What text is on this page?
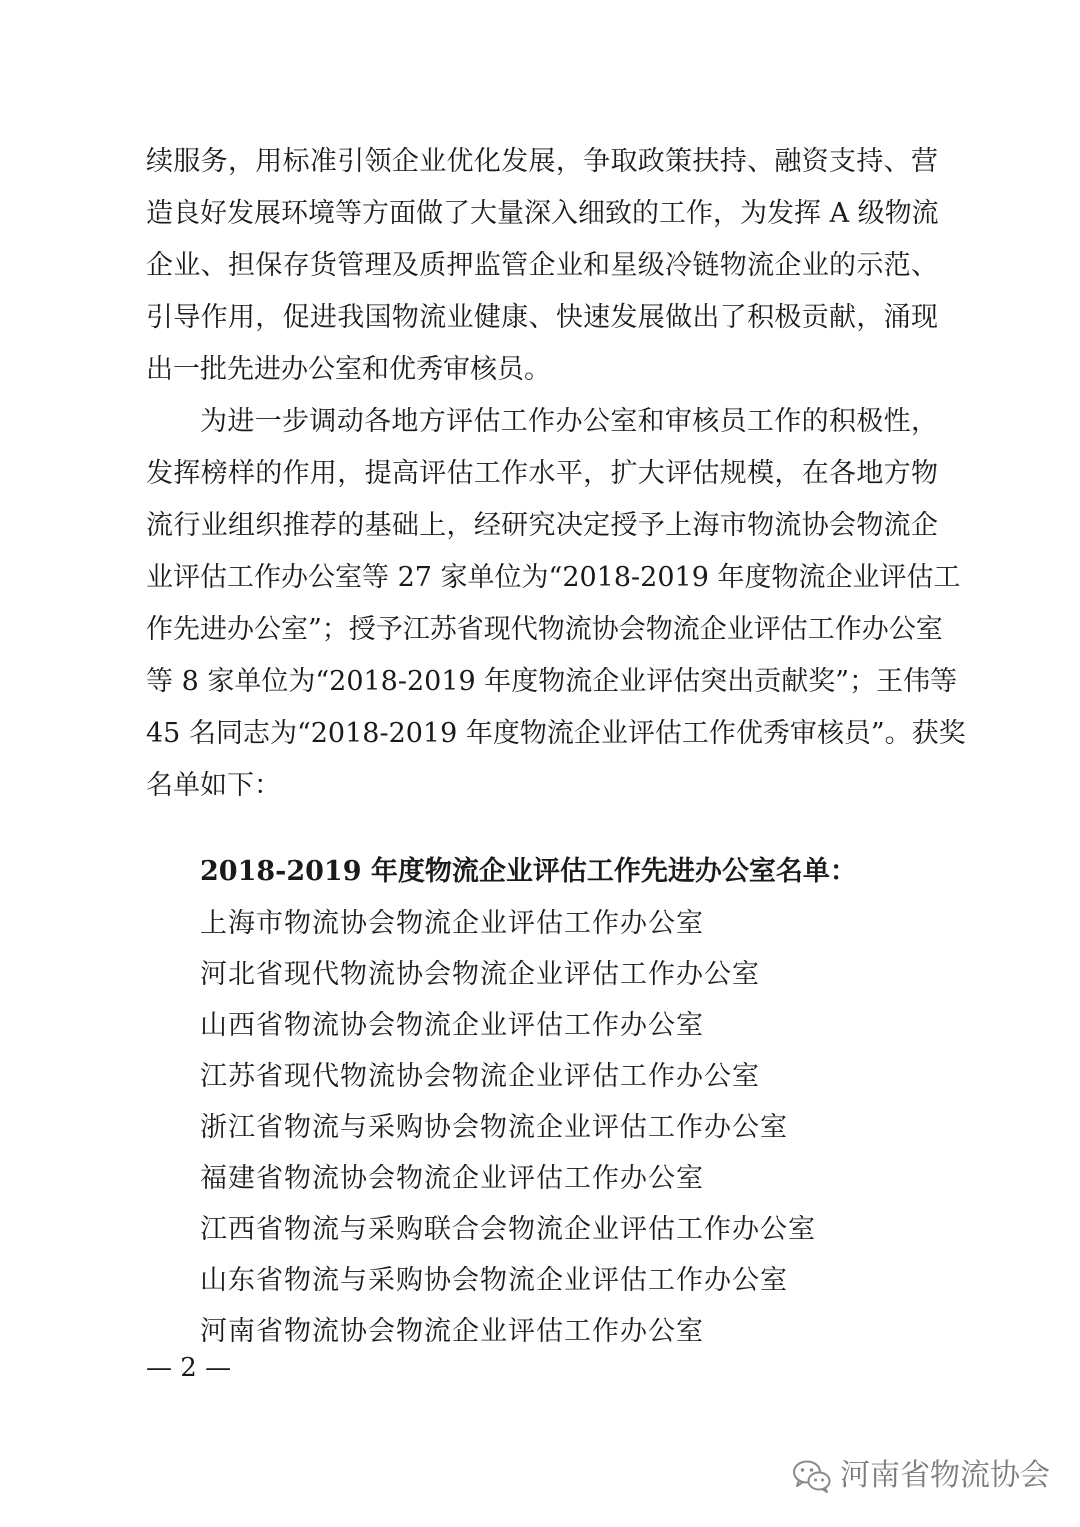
续服务，用标准引领企业优化发展，争取政策扶持、融资支持、营
造良好发展环境等方面做了大量深入细致的工作，为发挥 A 级物流
企业、担保存货管理及质押监管企业和星级冷链物流企业的示范、
引导作用，促进我国物流业健康、快速发展做出了积极贡献，涌现
出一批先进办公室和优秀审核员。
为进一步调动各地方评估工作办公室和审核员工作的积极性，
发挥榜样的作用，提高评估工作水平，扩大评估规模，在各地方物
流行业组织推荐的基础上，经研究决定授予上海市物流协会物流企
业评估工作办公室等 27 家单位为“2018-2019 年度物流企业评估工
作先进办公室”；授予江苏省现代物流协会物流企业评估工作办公室
等 8 家单位为“2018-2019 年度物流企业评估突出贡献奖”；王伟等
45 名同志为“2018-2019 年度物流企业评估工作优秀审核员”。获奖
名单如下：
2018-2019 年度物流企业评估工作先进办公室名单：
上海市物流协会物流企业评估工作办公室
河北省现代物流协会物流企业评估工作办公室
山西省物流协会物流企业评估工作办公室
江苏省现代物流协会物流企业评估工作办公室
浙江省物流与采购协会物流企业评估工作办公室
福建省物流协会物流企业评估工作办公室
江西省物流与采购联合会物流企业评估工作办公室
山东省物流与采购协会物流企业评估工作办公室
河南省物流协会物流企业评估工作办公室
— 2 —
河南省物流协会
